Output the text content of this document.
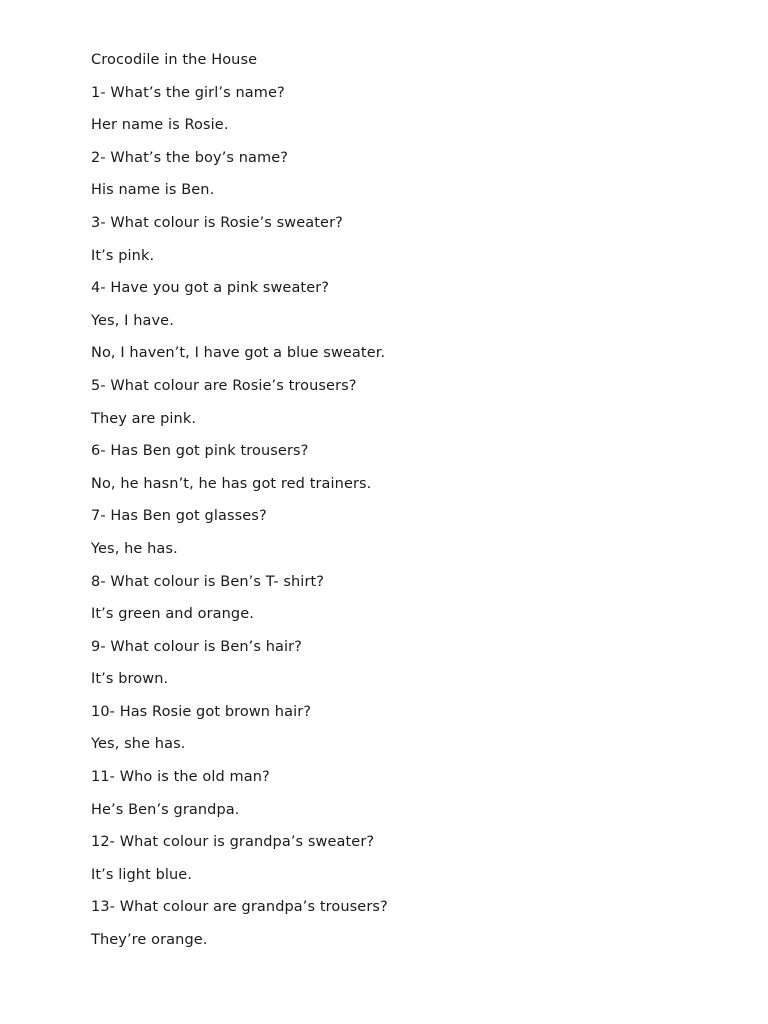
Crocodile in the House
1- What’s the girl’s name?
Her name is Rosie.
2- What’s the boy’s name?
His name is Ben.
3- What colour is Rosie’s sweater?
It’s pink.
4- Have you got a pink sweater?
Yes, I have.
No, I haven’t, I have got a blue sweater.
5- What colour are Rosie’s trousers?
They are pink.
6- Has Ben got pink trousers?
No, he hasn’t, he has got red trainers.
7- Has Ben got glasses?
Yes, he has.
8- What colour is Ben’s T- shirt?
It’s green and orange.
9- What colour is Ben’s hair?
It’s brown.
10- Has Rosie got brown hair?
Yes, she has.
11- Who is the old man?
He’s Ben’s grandpa.
12- What colour is grandpa’s sweater?
It’s light blue.
13- What colour are grandpa’s trousers?
They’re orange.
